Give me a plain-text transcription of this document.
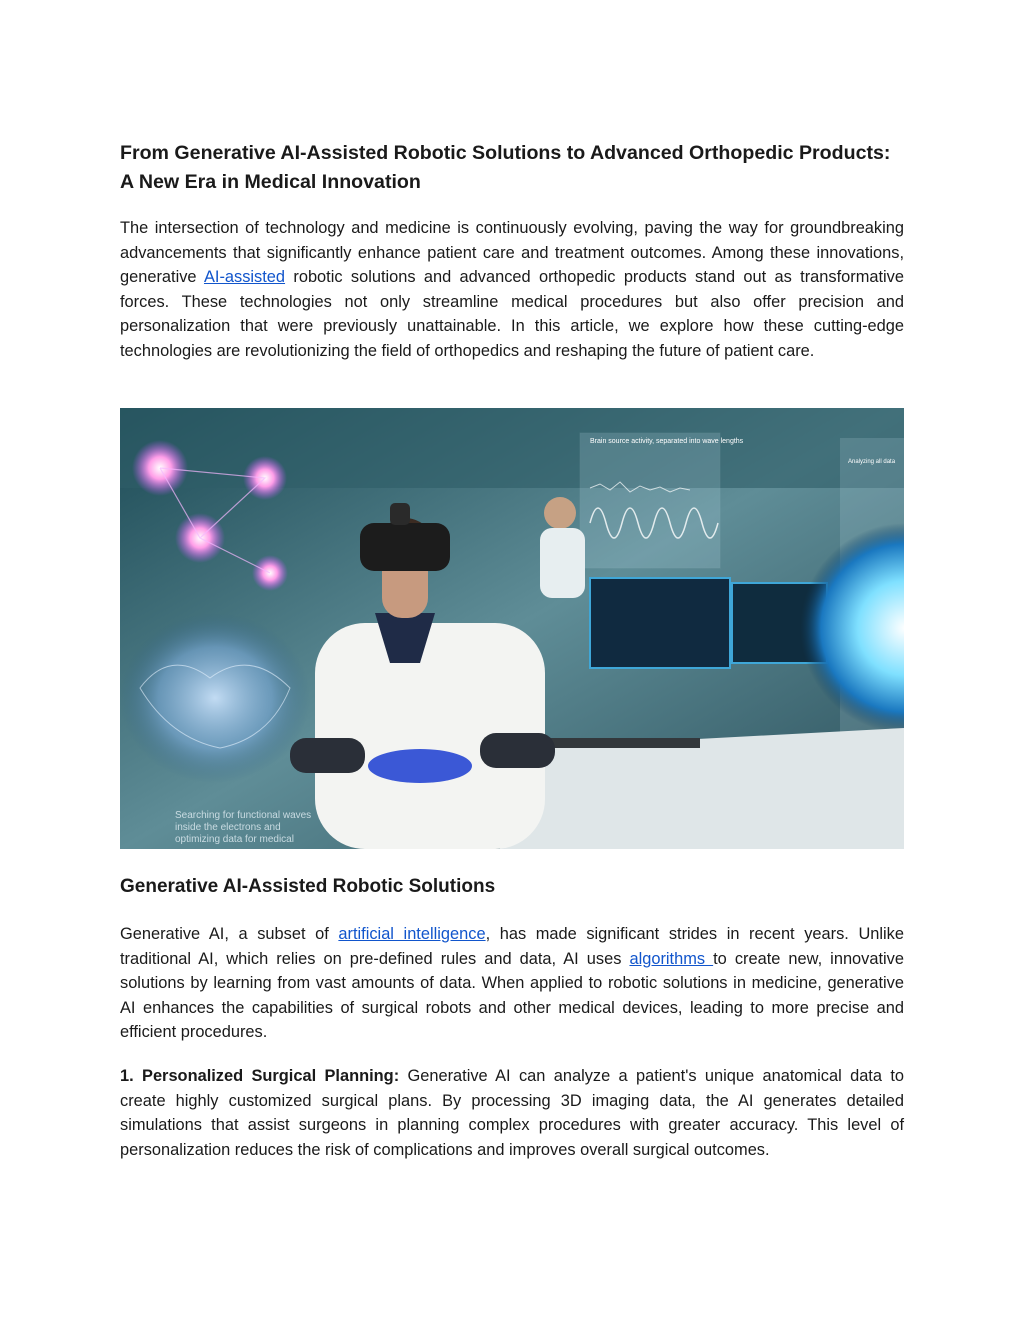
From Generative AI-Assisted Robotic Solutions to Advanced Orthopedic Products: A New Era in Medical Innovation

The intersection of technology and medicine is continuously evolving, paving the way for groundbreaking advancements that significantly enhance patient care and treatment outcomes. Among these innovations, generative AI-assisted robotic solutions and advanced orthopedic products stand out as transformative forces. These technologies not only streamline medical procedures but also offer precision and personalization that were previously unattainable. In this article, we explore how these cutting-edge technologies are revolutionizing the field of orthopedics and reshaping the future of patient care.

Brain source activity, separated into wave lengths
Analyzing all data
Searching for functional waves
inside the electrons and
optimizing data for medical
Generative AI-Assisted Robotic Solutions

Generative AI, a subset of artificial intelligence, has made significant strides in recent years. Unlike traditional AI, which relies on pre-defined rules and data, AI uses algorithms to create new, innovative solutions by learning from vast amounts of data. When applied to robotic solutions in medicine, generative AI enhances the capabilities of surgical robots and other medical devices, leading to more precise and efficient procedures.

1. Personalized Surgical Planning: Generative AI can analyze a patient's unique anatomical data to create highly customized surgical plans. By processing 3D imaging data, the AI generates detailed simulations that assist surgeons in planning complex procedures with greater accuracy. This level of personalization reduces the risk of complications and improves overall surgical outcomes.
